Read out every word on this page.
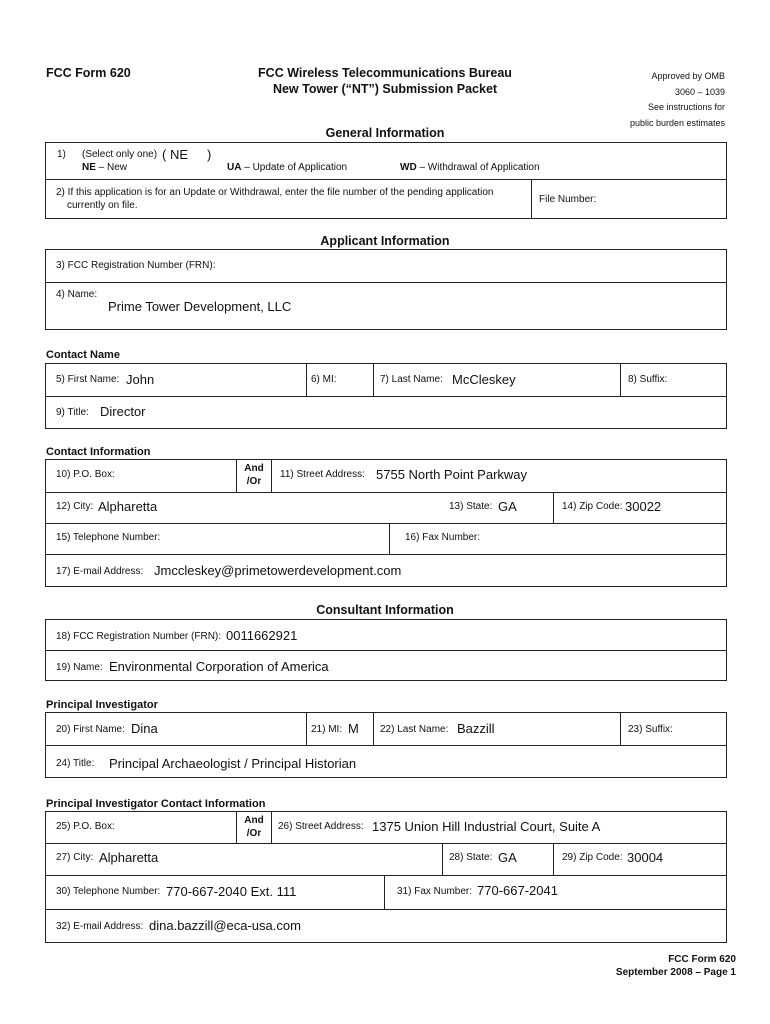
FCC Form 620	FCC Wireless Telecommunications Bureau
New Tower (“NT”) Submission Packet
Approved by OMB
3060 – 1039
See instructions for
public burden estimates
General Information
1) (Select only one) ( NE )
NE – New	UA – Update of Application	WD – Withdrawal of Application
2) If this application is for an Update or Withdrawal, enter the file number of the pending application
currently on file.
File Number:
Applicant Information
3) FCC Registration Number (FRN):
4) Name:
Prime Tower Development, LLC
Contact Name
5) First Name: John	6) MI:	7) Last Name: McCleskey	8) Suffix:
9) Title: Director
Contact Information
10) P.O. Box:
And
/Or
11) Street Address: 5755 North Point Parkway
12) City: Alpharetta	13) State: GA	14) Zip Code: 30022
15) Telephone Number:	16) Fax Number:
17) E-mail Address: Jmccleskey@primetowerdevelopment.com
Consultant Information
18) FCC Registration Number (FRN): 0011662921
19) Name: Environmental Corporation of America
Principal Investigator
20) First Name: Dina	21) MI: M 22) Last Name: Bazzill	23) Suffix:
24) Title: Principal Archaeologist / Principal Historian
Principal Investigator Contact Information
25) P.O. Box:
And
/Or
26) Street Address: 1375 Union Hill Industrial Court, Suite A
27) City: Alpharetta	28) State: GA	29) Zip Code: 30004
30) Telephone Number: 770-667-2040 Ext. 111	31) Fax Number: 770-667-2041
32) E-mail Address: dina.bazzill@eca-usa.com
FCC Form 620
September 2008 – Page 1
